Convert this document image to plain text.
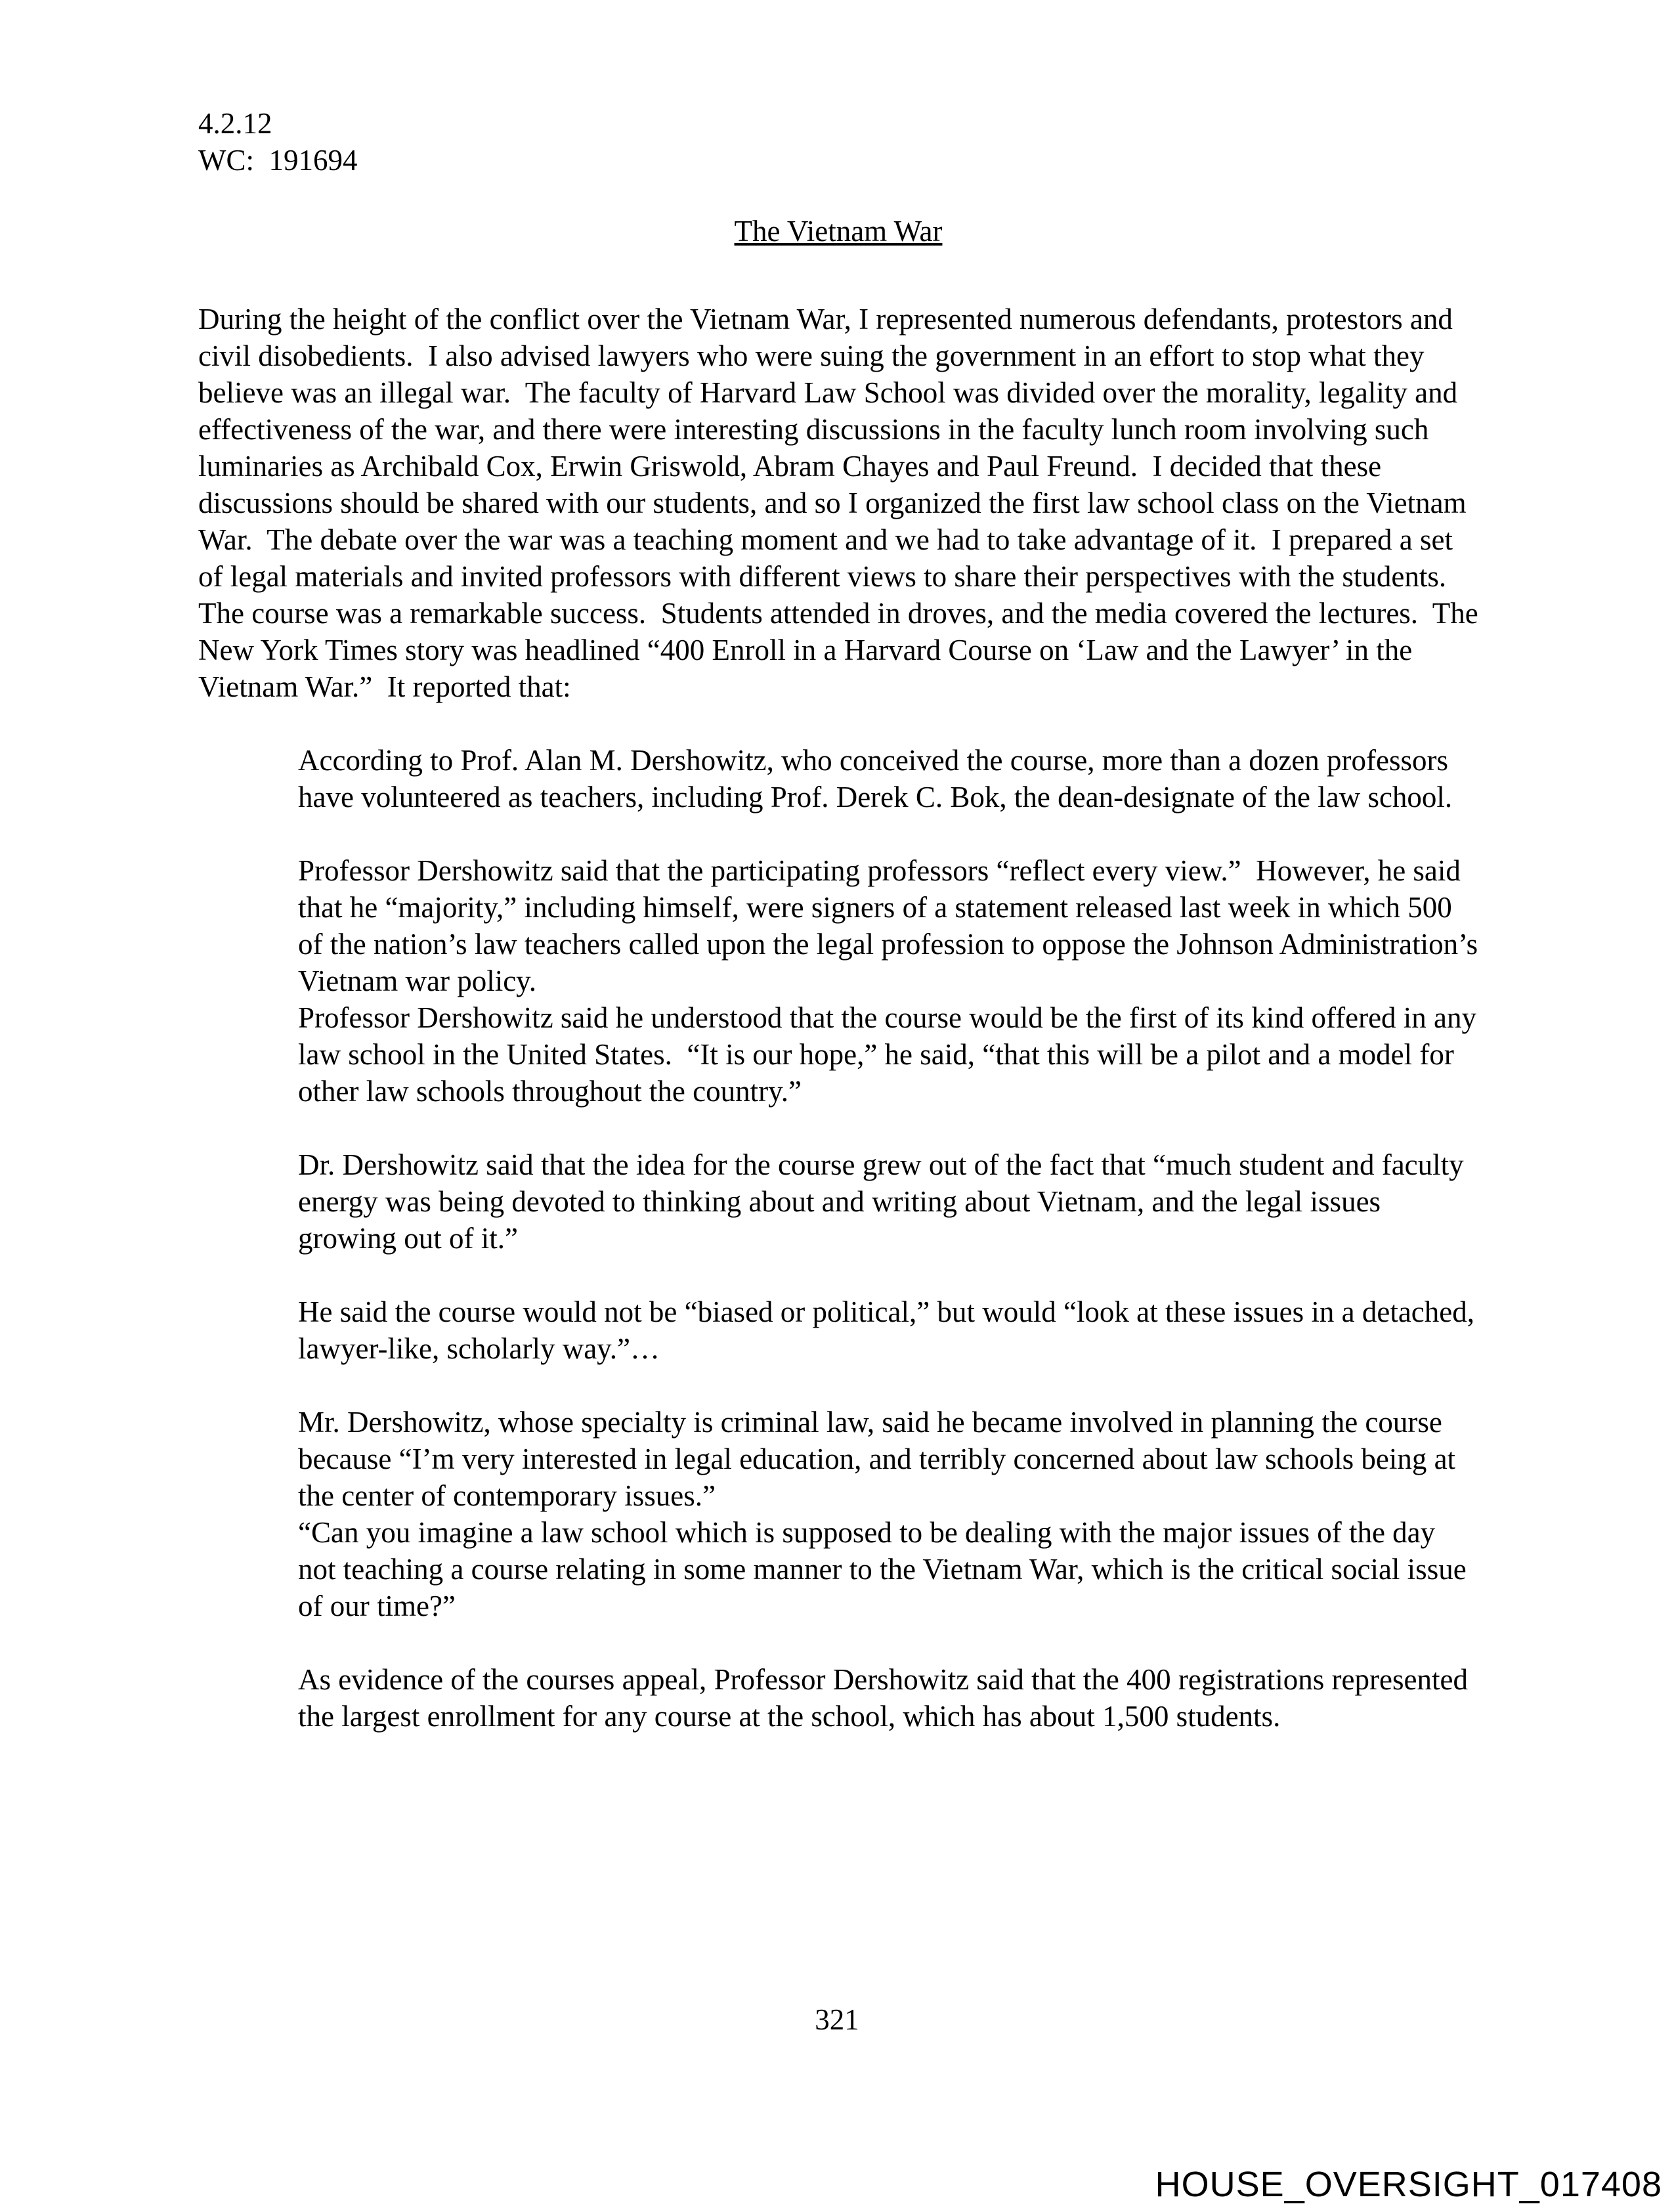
4.2.12

WC:  191694

The Vietnam War

During the height of the conflict over the Vietnam War, I represented numerous defendants, protestors and civil disobedients.  I also advised lawyers who were suing the government in an effort to stop what they believe was an illegal war.  The faculty of Harvard Law School was divided over the morality, legality and effectiveness of the war, and there were interesting discussions in the faculty lunch room involving such luminaries as Archibald Cox, Erwin Griswold, Abram Chayes and Paul Freund.  I decided that these discussions should be shared with our students, and so I organized the first law school class on the Vietnam War.  The debate over the war was a teaching moment and we had to take advantage of it.  I prepared a set of legal materials and invited professors with different views to share their perspectives with the students.  The course was a remarkable success.  Students attended in droves, and the media covered the lectures.  The New York Times story was headlined “400 Enroll in a Harvard Course on ‘Law and the Lawyer’ in the Vietnam War.”  It reported that:

According to Prof. Alan M. Dershowitz, who conceived the course, more than a dozen professors have volunteered as teachers, including Prof. Derek C. Bok, the dean-designate of the law school.

Professor Dershowitz said that the participating professors “reflect every view.”  However, he said that he “majority,” including himself, were signers of a statement released last week in which 500 of the nation’s law teachers called upon the legal profession to oppose the Johnson Administration’s Vietnam war policy.

Professor Dershowitz said he understood that the course would be the first of its kind offered in any law school in the United States.  “It is our hope,” he said, “that this will be a pilot and a model for other law schools throughout the country.”

Dr. Dershowitz said that the idea for the course grew out of the fact that “much student and faculty energy was being devoted to thinking about and writing about Vietnam, and the legal issues growing out of it.”

He said the course would not be “biased or political,” but would “look at these issues in a detached, lawyer-like, scholarly way.”…

Mr. Dershowitz, whose specialty is criminal law, said he became involved in planning the course because “I’m very interested in legal education, and terribly concerned about law schools being at the center of contemporary issues.”

“Can you imagine a law school which is supposed to be dealing with the major issues of the day not teaching a course relating in some manner to the Vietnam War, which is the critical social issue of our time?”

As evidence of the courses appeal, Professor Dershowitz said that the 400 registrations represented the largest enrollment for any course at the school, which has about 1,500 students.

321
HOUSE_OVERSIGHT_017408
